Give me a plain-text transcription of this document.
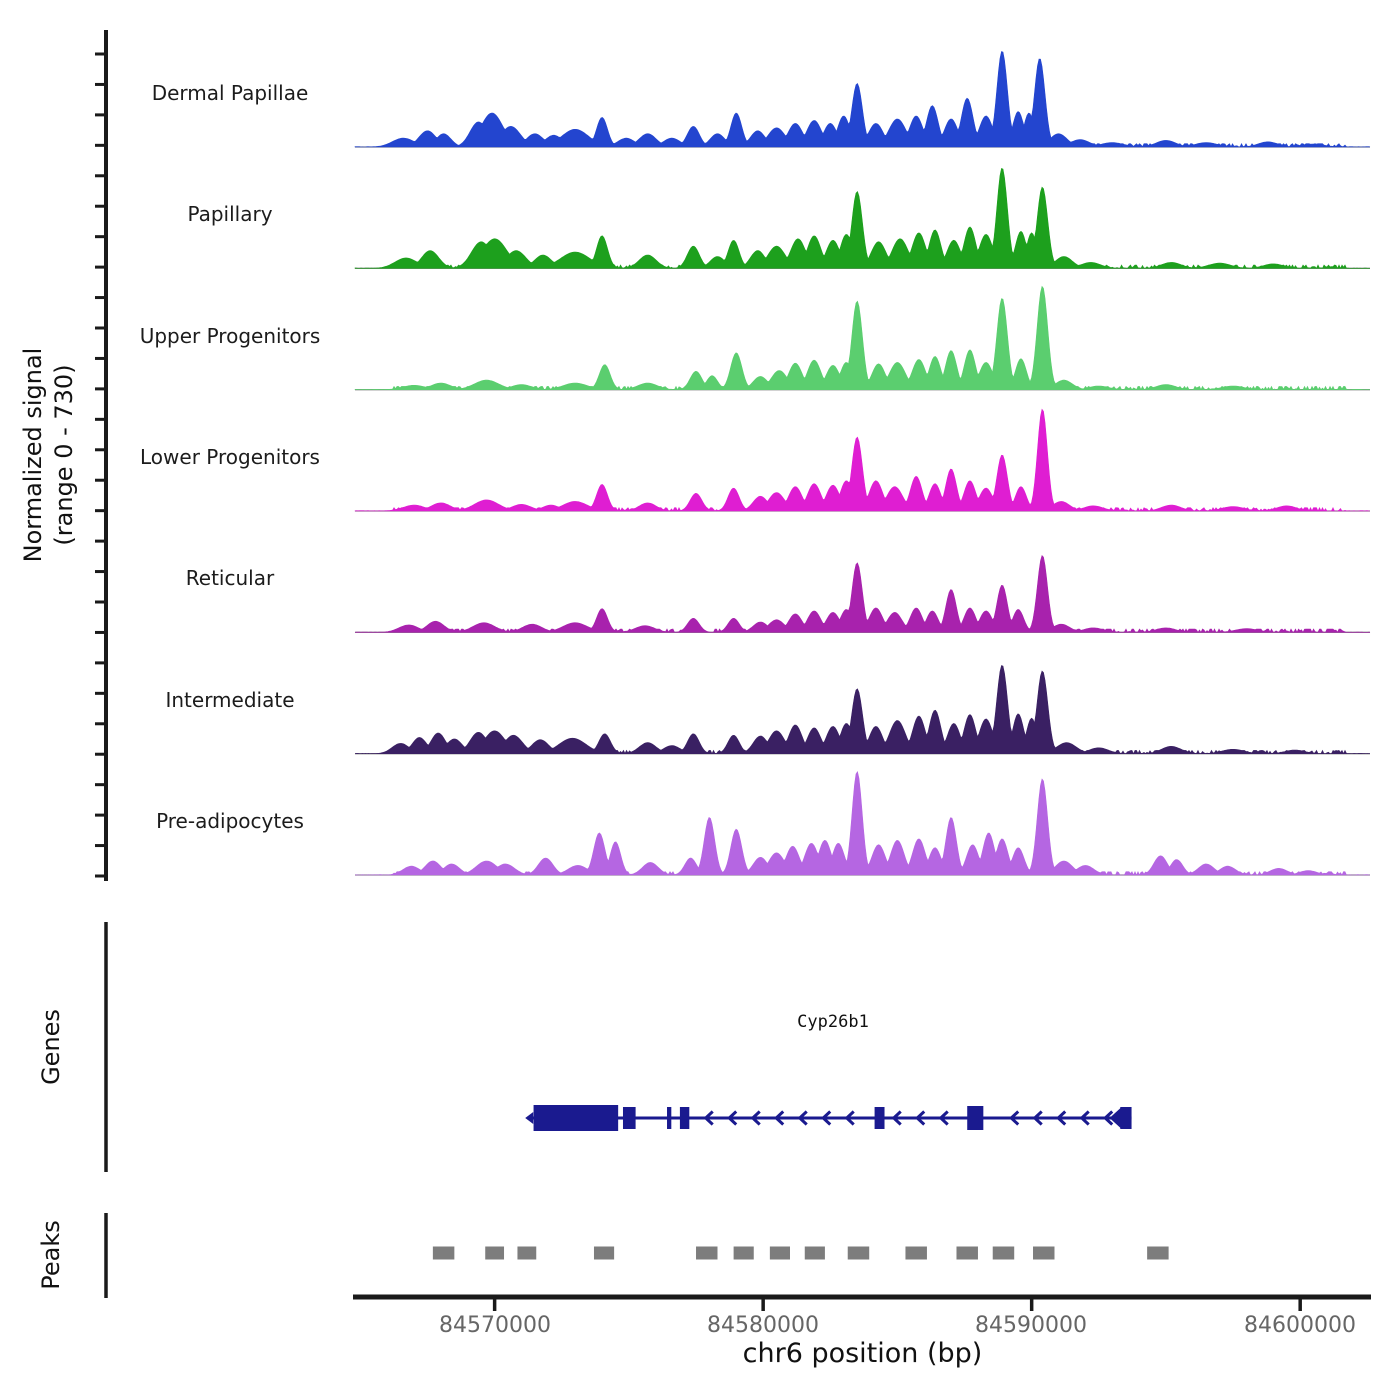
Normalized signal (range 0 - 730)
Dermal Papillae
Papillary
Upper Progenitors
Lower Progenitors
Reticular
Intermediate
Pre-adipocytes
Genes
Peaks
Cyp26b1
84570000	84580000	84590000	84600000
chr6 position (bp)
